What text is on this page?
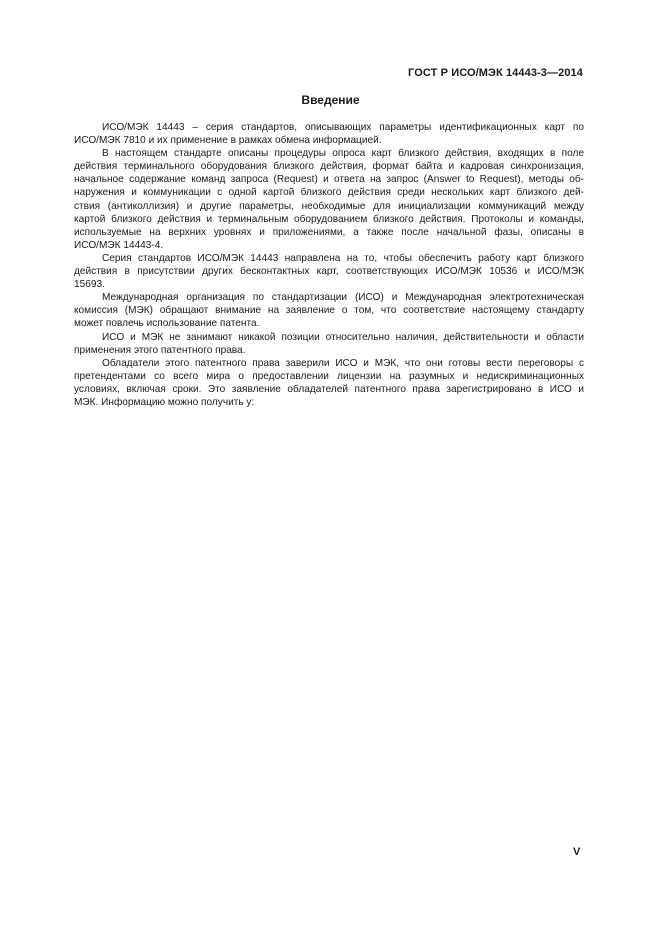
ГОСТ Р ИСО/МЭК 14443-3—2014
Введение
ИСО/МЭК 14443 – серия стандартов, описывающих параметры идентификационных карт по
ИСО/МЭК 7810 и их применение в рамках обмена информацией.
В настоящем стандарте описаны процедуры опроса карт близкого действия, входящих в поле
действия терминального оборудования близкого действия, формат байта и кадровая синхронизация,
начальное содержание команд запроса (Request) и ответа на запрос (Answer to Request), методы об-
наружения и коммуникации с одной картой близкого действия среди нескольких карт близкого дей-
ствия (антиколлизия) и другие параметры, необходимые для инициализации коммуникаций между
картой близкого действия и терминальным оборудованием близкого действия. Протоколы и команды,
используемые на верхних уровнях и приложениями, а также после начальной фазы, описаны в
ИСО/МЭК 14443-4.
Серия стандартов ИСО/МЭК 14443 направлена на то, чтобы обеспечить работу карт близкого
действия в присутствии других бесконтактных карт, соответствующих ИСО/МЭК 10536 и ИСО/МЭК
15693.
Международная организация по стандартизации (ИСО) и Международная электротехническая
комиссия (МЭК) обращают внимание на заявление о том, что соответствие настоящему стандарту
может повлечь использование патента.
ИСО и МЭК не занимают никакой позиции относительно наличия, действительности и области
применения этого патентного права.
Обладатели этого патентного права заверили ИСО и МЭК, что они готовы вести переговоры с
претендентами со всего мира о предоставлении лицензии на разумных и недискриминационных
условиях, включая сроки. Это заявление обладателей патентного права зарегистрировано в ИСО и
МЭК. Информацию можно получить у:
V
